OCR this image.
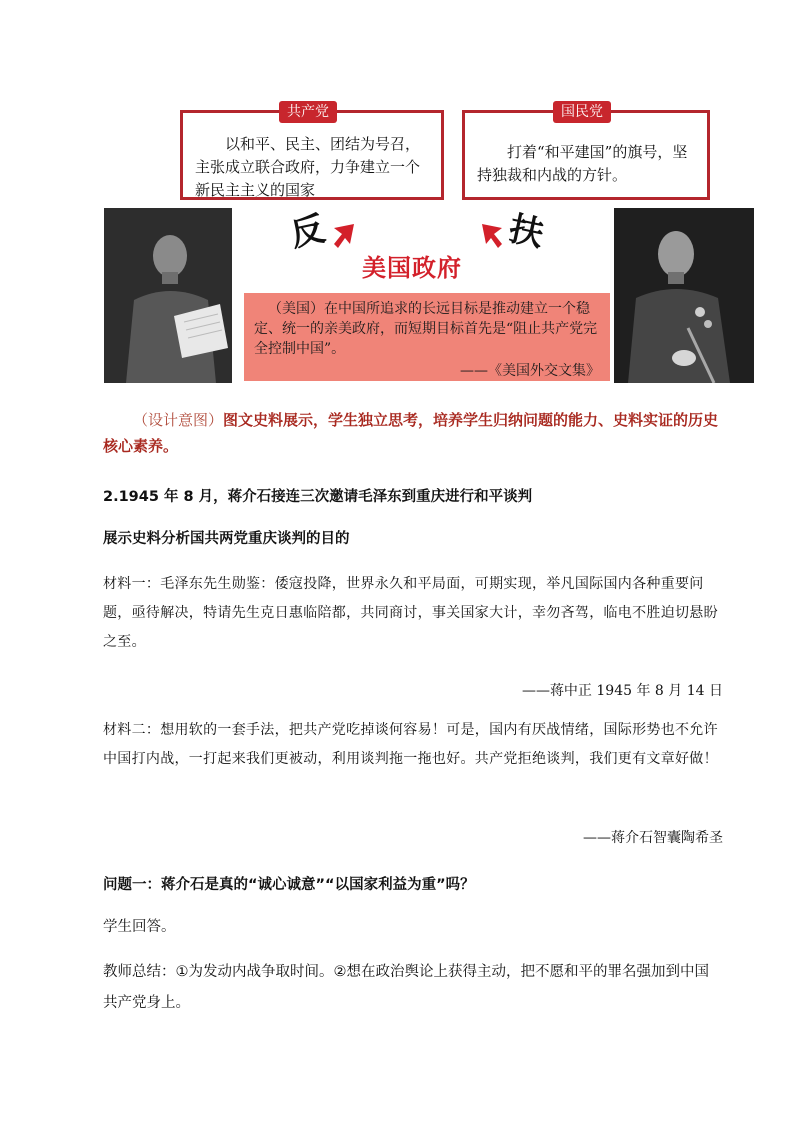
共产党
以和平、民主、团结为号召，主张成立联合政府，力争建立一个新民主主义的国家
国民党
打着“和平建国”的旗号，坚持独裁和内战的方针。
反	扶
美国政府
（美国）在中国所追求的长远目标是推动建立一个稳定、统一的亲美政府，而短期目标首先是“阻止共产党完全控制中国”。
——《美国外交文集》
（设计意图）图文史料展示，学生独立思考，培养学生归纳问题的能力、史料实证的历史核心素养。
2.1945 年 8 月，蒋介石接连三次邀请毛泽东到重庆进行和平谈判
展示史料分析国共两党重庆谈判的目的
材料一：毛泽东先生勋鉴：倭寇投降，世界永久和平局面，可期实现，举凡国际国内各种重要问题，亟待解决，特请先生克日惠临陪都，共同商讨，事关国家大计，幸勿吝驾，临电不胜迫切悬盼之至。
——蒋中正 1945 年 8 月 14 日
材料二：想用软的一套手法，把共产党吃掉谈何容易！可是，国内有厌战情绪，国际形势也不允许中国打内战，一打起来我们更被动，利用谈判拖一拖也好。共产党拒绝谈判，我们更有文章好做！
——蒋介石智囊陶希圣
问题一：蒋介石是真的“诚心诚意”“以国家利益为重”吗？
学生回答。
教师总结：①为发动内战争取时间。②想在政治舆论上获得主动，把不愿和平的罪名强加到中国共产党身上。
